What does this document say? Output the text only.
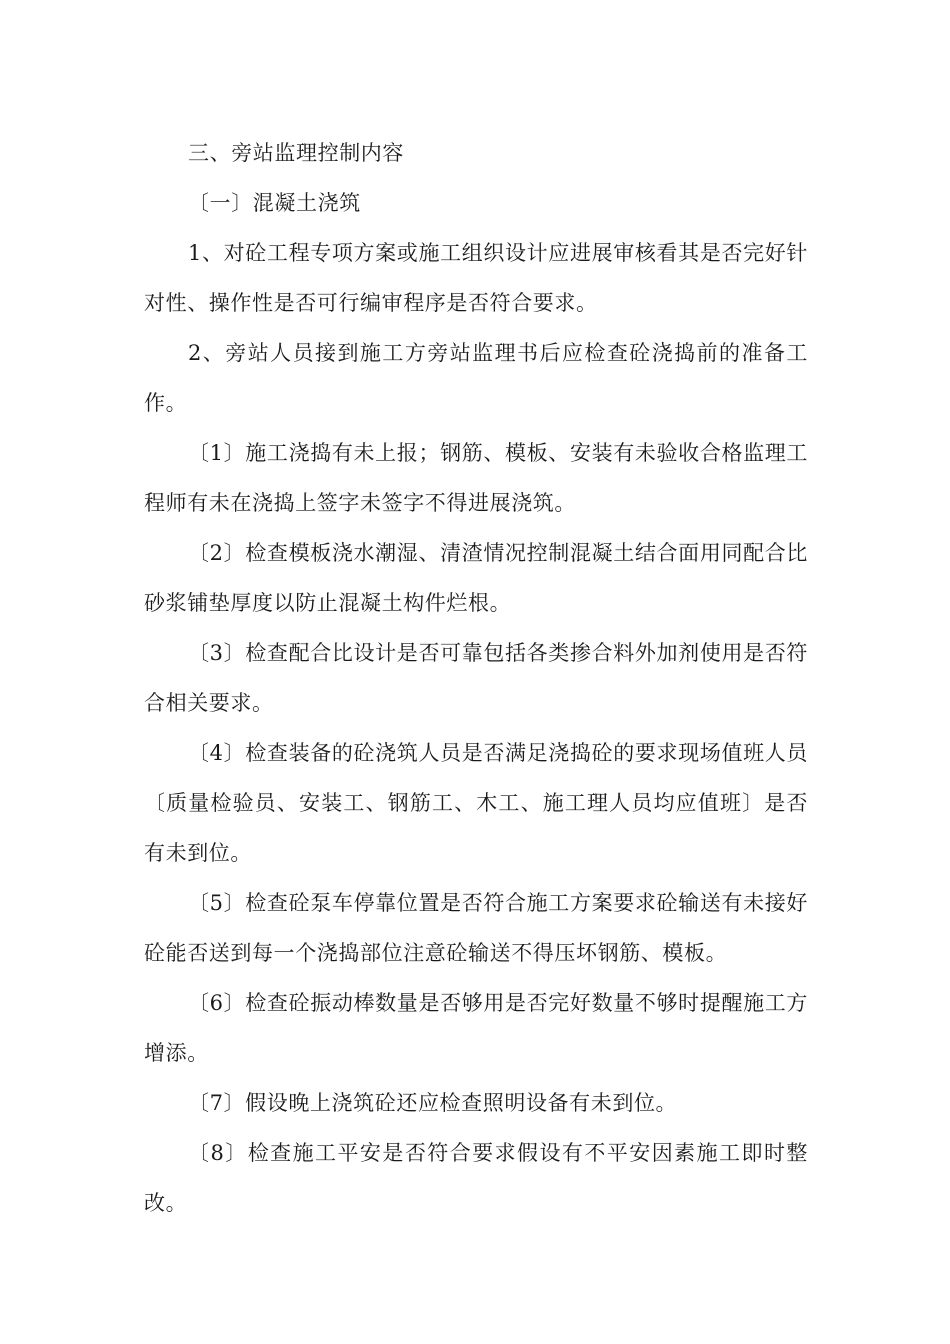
三、旁站监理控制内容

〔一〕混凝土浇筑

1、对砼工程专项方案或施工组织设计应进展审核看其是否完好针对性、操作性是否可行编审程序是否符合要求。

2、旁站人员接到施工方旁站监理书后应检查砼浇捣前的准备工作。

〔1〕施工浇捣有未上报；钢筋、模板、安装有未验收合格监理工程师有未在浇捣上签字未签字不得进展浇筑。

〔2〕检查模板浇水潮湿、清渣情况控制混凝土结合面用同配合比砂浆铺垫厚度以防止混凝土构件烂根。

〔3〕检查配合比设计是否可靠包括各类掺合料外加剂使用是否符合相关要求。

〔4〕检查装备的砼浇筑人员是否满足浇捣砼的要求现场值班人员〔质量检验员、安装工、钢筋工、木工、施工理人员均应值班〕是否有未到位。

〔5〕检查砼泵车停靠位置是否符合施工方案要求砼输送有未接好砼能否送到每一个浇捣部位注意砼输送不得压坏钢筋、模板。

〔6〕检查砼振动棒数量是否够用是否完好数量不够时提醒施工方增添。

〔7〕假设晚上浇筑砼还应检查照明设备有未到位。

〔8〕检查施工平安是否符合要求假设有不平安因素施工即时整改。
